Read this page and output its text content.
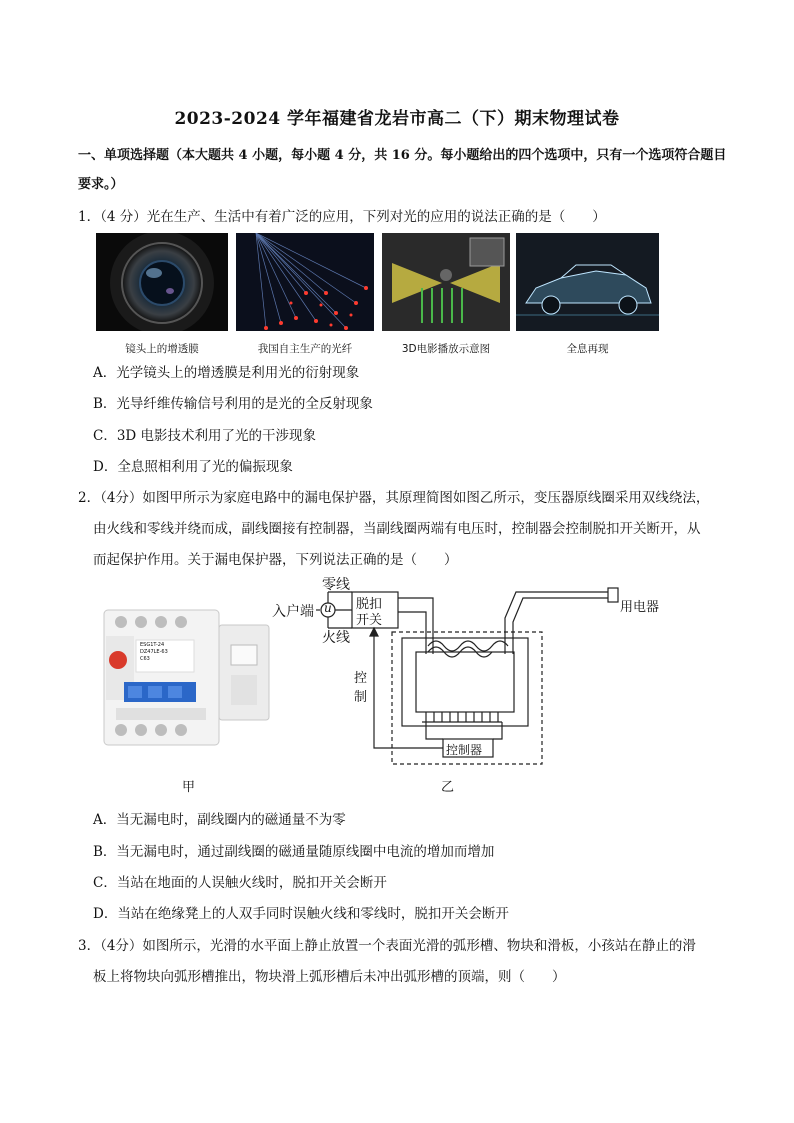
2023-2024 学年福建省龙岩市高二（下）期末物理试卷
一、单项选择题（本大题共 4 小题，每小题 4 分，共 16 分。每小题给出的四个选项中，只有一个选项符合题目要求。）
1．（4 分）光在生产、生活中有着广泛的应用，下列对光的应用的说法正确的是（　　）
镜头上的增透膜	我国自主生产的光纤	3D电影播放示意图	全息再现
A．光学镜头上的增透膜是利用光的衍射现象
B．光导纤维传输信号利用的是光的全反射现象
C．3D 电影技术利用了光的干涉现象
D．全息照相利用了光的偏振现象
2．（4分）如图甲所示为家庭电路中的漏电保护器，其原理简图如图乙所示，变压器原线圈采用双线绕法，
由火线和零线并绕而成，副线圈接有控制器，当副线圈两端有电压时，控制器会控制脱扣开关断开，从
而起保护作用。关于漏电保护器，下列说法正确的是（　　）
ESG1T-24
DZ47LE-63
C63
零线
入户端 u
火线
脱扣
开关
用电器
控
制
控制器
甲	乙
A．当无漏电时，副线圈内的磁通量不为零
B．当无漏电时，通过副线圈的磁通量随原线圈中电流的增加而增加
C．当站在地面的人误触火线时，脱扣开关会断开
D．当站在绝缘凳上的人双手同时误触火线和零线时，脱扣开关会断开
3．（4分）如图所示，光滑的水平面上静止放置一个表面光滑的弧形槽、物块和滑板，小孩站在静止的滑
板上将物块向弧形槽推出，物块滑上弧形槽后未冲出弧形槽的顶端，则（　　）
